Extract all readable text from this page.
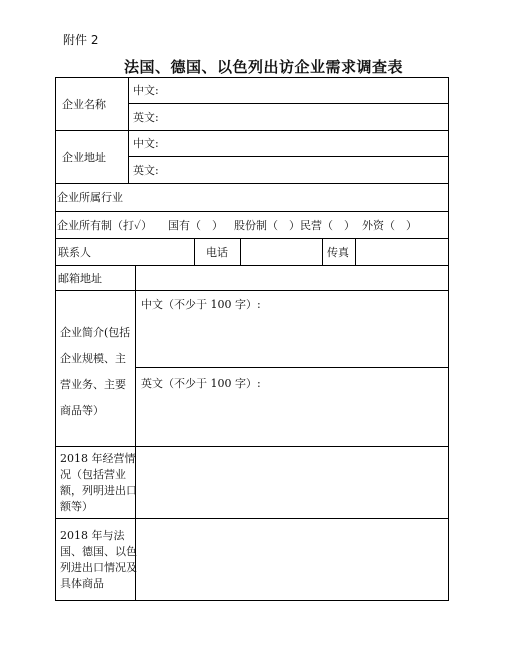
附件 2
法国、德国、以色列出访企业需求调查表
企业名称
中文:
英文:
企业地址
中文:
英文:
企业所属行业
企业所有制（打✓） 国有（　） 股份制（　）民营（　） 外资（　）
联系人	电话	传真
邮箱地址
企业简介(包括企业规模、主营业务、主要商品等）
中文（不少于 100 字）:
英文（不少于 100 字）:
2018 年经营情况（包括营业额，列明进出口额等）
2018 年与法国、德国、以色列进出口情况及具体商品
